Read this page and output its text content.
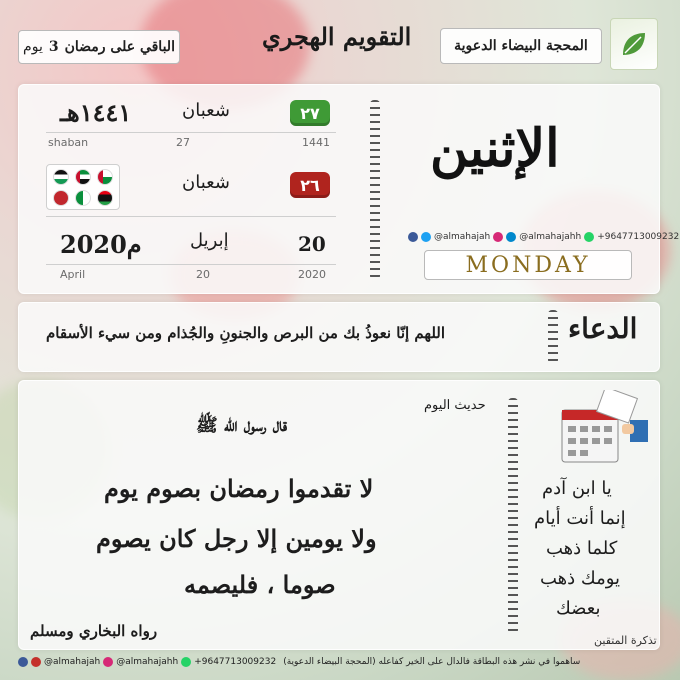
يوم 3 الباقي على رمضان	التقويم الهجري	المحجة البيضاء الدعوية
١٤٤١هـ	شعبان	٢٧
shaban	27	1441
شعبان	٢٦
2020م	إبريل	20
April	20	2020
الإثنين
@almahajah	@almahajahh +9647713009232
MONDAY
اللهم إنّا نعوذُ بك من البرص والجنونِ والجُذام ومن سيء الأسقام	الدعاء
حديث اليوم
قال رسول الله ﷺ
لا تقدموا رمضان بصوم يوم
ولا يومين إلا رجل كان يصوم
صوما ، فليصمه
رواه البخاري ومسلم
يا ابن آدم
إنما أنت أيام
كلما ذهب
يومك ذهب
بعضك
تذكرة المتقين
@almahajah @almahajahh +9647713009232 (المحجة البيضاء الدعوية) ساهموا في نشر هذه البطاقة فالدال على الخير كفاعله
